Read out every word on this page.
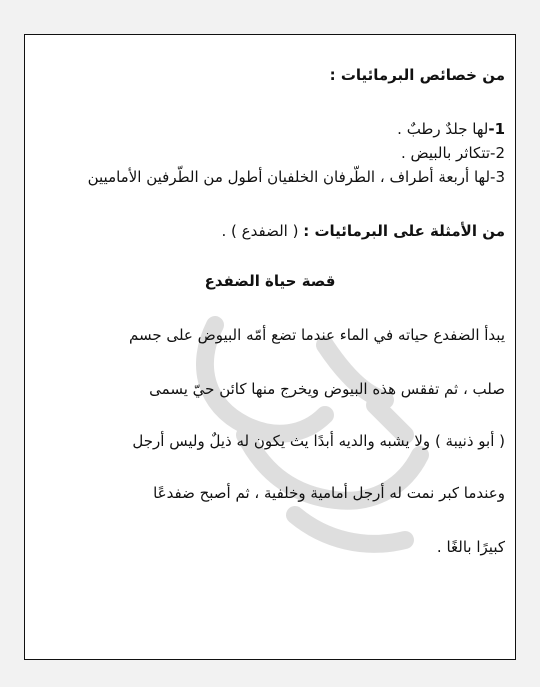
من خصائص البرمائيات :

1-لها جلدٌ رطبٌ .

2-تتكاثر بالبيض .

3-لها أربعة أطراف ، الطّرفان الخلفيان أطول من الطّرفين الأماميين

من الأمثلة على البرمائيات : ( الضفدع ) .

قصة حياة الضفدع

يبدأ الضفدع حياته في الماء عندما تضع أمّه البيوض على جسم

صلب ، ثم تفقس هذه البيوض ويخرج منها كائن حيّ يسمى

( أبو ذنيبة ) ولا يشبه والديه أبدًا يث يكون له ذيلٌ وليس أرجل

وعندما كبر نمت له أرجل أمامية وخلفية ، ثم أصبح ضفدعًا

كبيرًا بالغًا .
